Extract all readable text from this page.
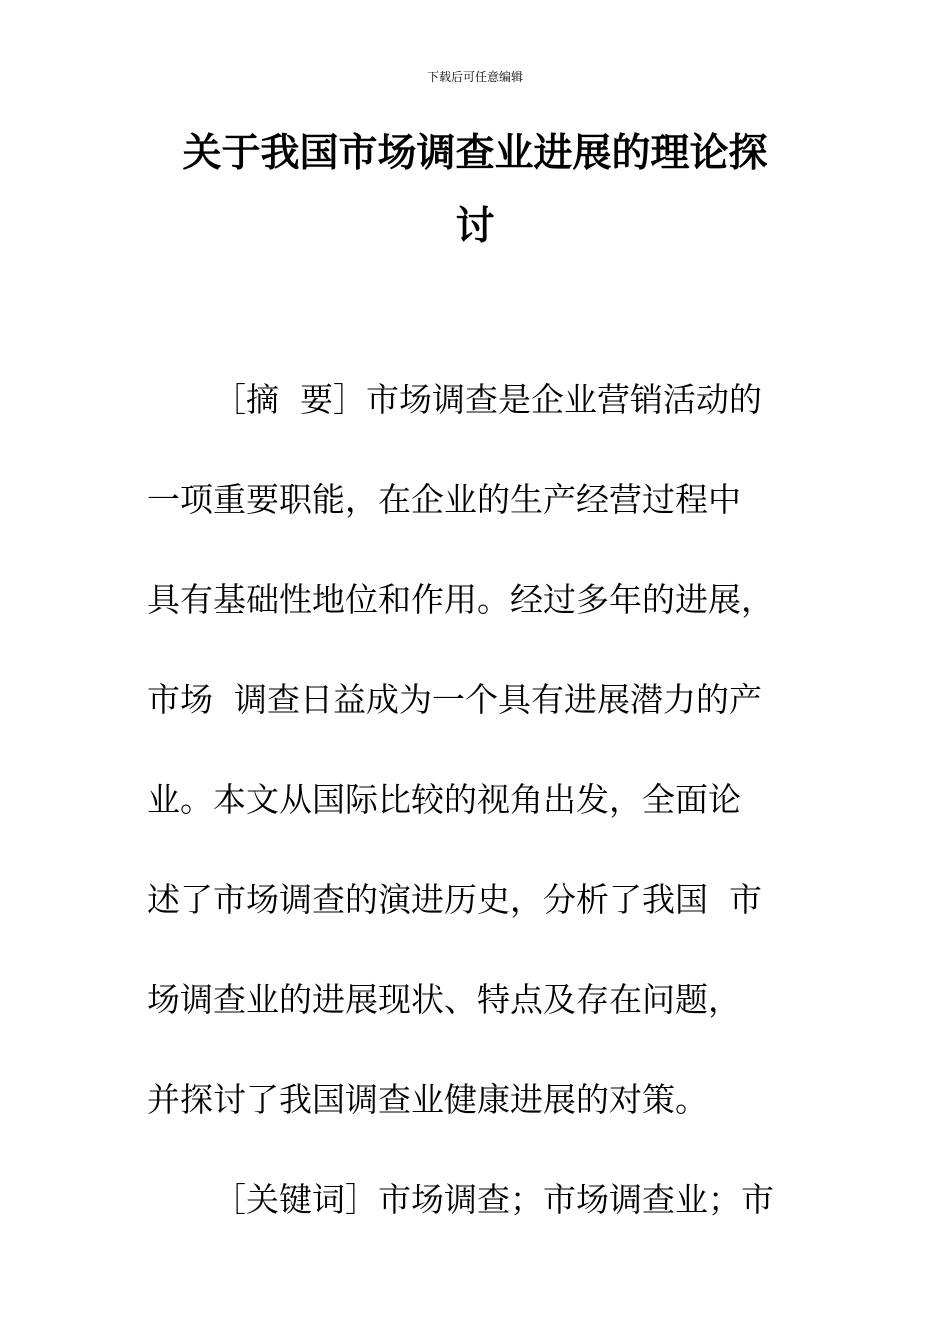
下载后可任意编辑
关于我国市场调查业进展的理论探
讨
［摘  要］市场调查是企业营销活动的
一项重要职能，在企业的生产经营过程中
具有基础性地位和作用。经过多年的进展，
市场  调查日益成为一个具有进展潜力的产
业。本文从国际比较的视角出发，全面论
述了市场调查的演进历史，分析了我国  市
场调查业的进展现状、特点及存在问题，
并探讨了我国调查业健康进展的对策。
［关键词］市场调查；市场调查业；市
